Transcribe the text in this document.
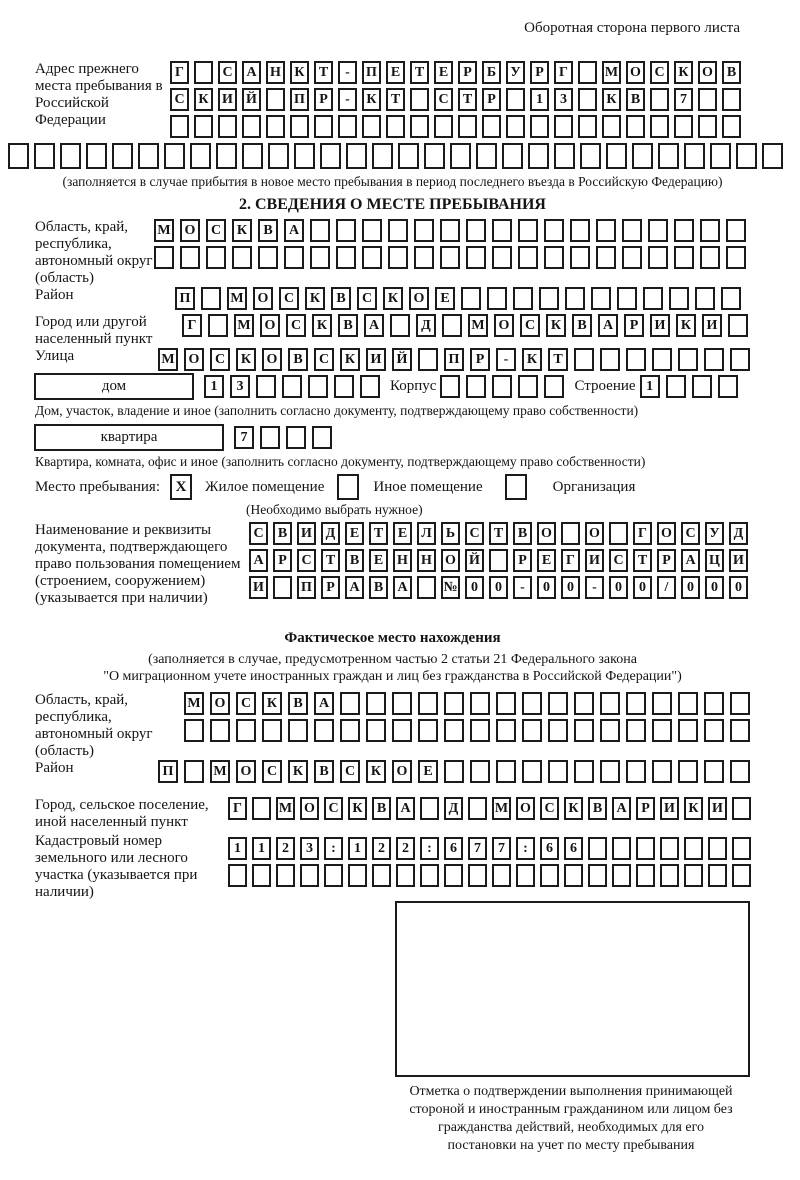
Оборотная сторона первого листа
Адрес прежнего места пребывания в Российской Федерации
Г	С А Н К	Т	-	П Е	Т	Е	Р	Б	У	Р	Г	М О С К О В
С К И Й	П	Р	-	К	Т	С	Т	Р	1	3	К	В	7
(заполняется в случае прибытия в новое место пребывания в период последнего въезда в Российскую Федерацию)
2. СВЕДЕНИЯ О МЕСТЕ ПРЕБЫВАНИЯ
Область, край, республика, автономный округ (область)
М О	С	К	В	А
Район	П	М О	С	К	В	С	К	О	Е
Город или другой населенный пункт
Г	М О	С	К	В	А	Д	М О	С	К	В	А	Р	И	К	И
Улица	М О	С	К	О	В	С	К	И	Й	П	Р	-	К	Т
дом	1	3	Корпус	Строение 1
Дом, участок, владение и иное (заполнить согласно документу, подтверждающему право собственности)
квартира	7
Квартира, комната, офис и иное (заполнить согласно документу, подтверждающему право собственности)
Место пребывания:	X	Жилое помещение	Иное помещение	Организация
(Необходимо выбрать нужное)
Наименование и реквизиты документа, подтверждающего право пользования помещением (строением, сооружением) (указывается при наличии)
С	В И Д	Е	Т	Е	Л	Ь	С	Т	В О	О	Г	О С У	Д
А	Р	С	Т	В	Е Н Н О Й	Р	Е	Г	И С	Т	Р	А Ц И
И	П	Р	А	В	А	№ 0	0	-	0	0	-	0	0	/	0	0	0
Фактическое место нахождения
(заполняется в случае, предусмотренном частью 2 статьи 21 Федерального закона
"О миграционном учете иностранных граждан и лиц без гражданства в Российской Федерации")
Область, край, республика, автономный округ (область)
М О	С	К	В	А
Район	П	М О	С	К	В	С	К	О	Е
Город, сельское поселение, иной населенный пункт
Г	М О С К	В	А	Д	М О С К	В	А	Р	И К И
Кадастровый номер земельного или лесного участка (указывается при наличии)
1	1	2	3	:	1	2	2	:	6	7	7	:	6	6
Отметка о подтверждении выполнения принимающей стороной и иностранным гражданином или лицом без гражданства действий, необходимых для его постановки на учет по месту пребывания
